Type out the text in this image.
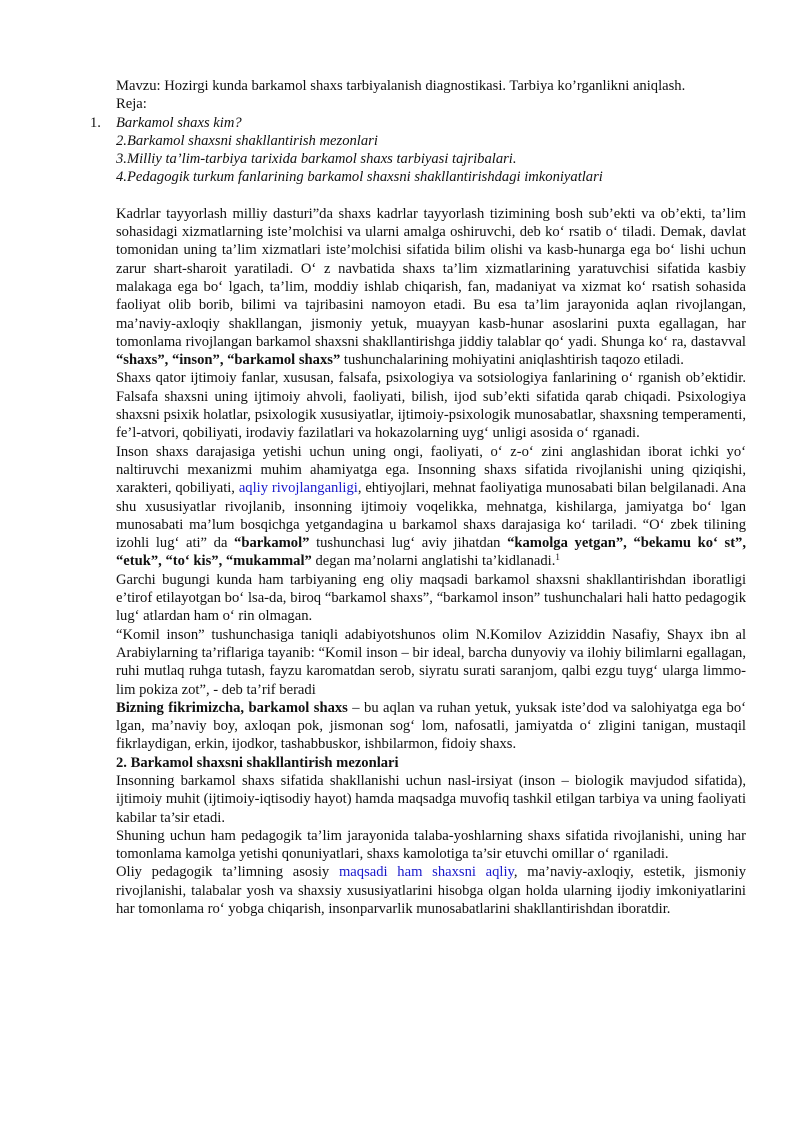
Mavzu: Hozirgi kunda barkamol shaxs tarbiyalanish diagnostikasi. Tarbiya ko’rganlikni aniqlash.

Reja:
1. Barkamol shaxs kim?
2.Barkamol shaxsni shakllantirish mezonlari
3.Milliy ta’lim-tarbiya tarixida barkamol shaxs tarbiyasi tajribalari.
4.Pedagogik turkum fanlarining barkamol shaxsni shakllantirishdagi imkoniyatlari

Kadrlar tayyorlash milliy dasturi”da shaxs kadrlar tayyorlash tizimining bosh sub’ekti va ob’ekti, ta’lim sohasidagi xizmatlarning iste’molchisi va ularni amalga oshiruvchi, deb ko‘ rsatib o‘ tiladi. Demak, davlat tomonidan uning ta’lim xizmatlari iste’molchisi sifatida bilim olishi va kasb-hunarga ega bo‘ lishi uchun zarur shart-sharoit yaratiladi. O‘ z navbatida shaxs ta’lim xizmatlarining yaratuvchisi sifatida kasbiy malakaga ega bo‘ lgach, ta’lim, moddiy ishlab chiqarish, fan, madaniyat va xizmat ko‘ rsatish sohasida faoliyat olib borib, bilimi va tajribasini namoyon etadi. Bu esa ta’lim jarayonida aqlan rivojlangan, ma’naviy-axloqiy shakllangan, jismoniy yetuk, muayyan kasb-hunar asoslarini puxta egallagan, har tomonlama rivojlangan barkamol shaxsni shakllantirishga jiddiy talablar qo‘ yadi. Shunga ko‘ ra, dastavval “shaxs”, “inson”, “barkamol shaxs” tushunchalarining mohiyatini aniqlashtirish taqozo etiladi.

Shaxs qator ijtimoiy fanlar, xususan, falsafa, psixologiya va sotsiologiya fanlarining o‘ rganish ob’ektidir. Falsafa shaxsni uning ijtimoiy ahvoli, faoliyati, bilish, ijod sub’ekti sifatida qarab chiqadi. Psixologiya shaxsni psixik holatlar, psixologik xususiyatlar, ijtimoiy-psixologik munosabatlar, shaxsning temperamenti, fe’l-atvori, qobiliyati, irodaviy fazilatlari va hokazolarning uyg‘ unligi asosida o‘ rganadi.

Inson shaxs darajasiga yetishi uchun uning ongi, faoliyati, o‘ z-o‘ zini anglashidan iborat ichki yo‘ naltiruvchi mexanizmi muhim ahamiyatga ega. Insonning shaxs sifatida rivojlanishi uning qiziqishi, xarakteri, qobiliyati, aqliy rivojlanganligi, ehtiyojlari, mehnat faoliyatiga munosabati bilan belgilanadi. Ana shu xususiyatlar rivojlanib, insonning ijtimoiy voqelikka, mehnatga, kishilarga, jamiyatga bo‘ lgan munosabati ma’lum bosqichga yetgandagina u barkamol shaxs darajasiga ko‘ tariladi. “O‘ zbek tilining izohli lug‘ ati” da “barkamol” tushunchasi lug‘ aviy jihatdan “kamolga yetgan”, “bekamu ko‘ st”, “etuk”, “to‘ kis”, “mukammal” degan ma’nolarni anglatishi ta’kidlanadi.$^1$

Garchi bugungi kunda ham tarbiyaning eng oliy maqsadi barkamol shaxsni shakllantirishdan iboratligi e’tirof etilayotgan bo‘ lsa-da, biroq “barkamol shaxs”, “barkamol inson” tushunchalari hali hatto pedagogik lug‘ atlardan ham o‘ rin olmagan.

“Komil inson” tushunchasiga taniqli adabiyotshunos olim N.Komilov Aziziddin Nasafiy, Shayx ibn al Arabiylarning ta’riflariga tayanib: “Komil inson – bir ideal, barcha dunyoviy va ilohiy bilimlarni egallagan, ruhi mutlaq ruhga tutash, fayzu karomatdan serob, siyratu surati saranjom, qalbi ezgu tuyg‘ ularga limmo-lim pokiza zot”, - deb ta’rif beradi

Bizning fikrimizcha, barkamol shaxs – bu aqlan va ruhan yetuk, yuksak iste’dod va salohiyatga ega bo‘ lgan, ma’naviy boy, axloqan pok, jismonan sog‘ lom, nafosatli, jamiyatda o‘ zligini tanigan, mustaqil fikrlaydigan, erkin, ijodkor, tashabbuskor, ishbilarmon, fidoiy shaxs.

2. Barkamol shaxsni shakllantirish mezonlari

Insonning barkamol shaxs sifatida shakllanishi uchun nasl-irsiyat (inson – biologik mavjudod sifatida), ijtimoiy muhit (ijtimoiy-iqtisodiy hayot) hamda maqsadga muvofiq tashkil etilgan tarbiya va uning faoliyati kabilar ta’sir etadi.

Shuning uchun ham pedagogik ta’lim jarayonida talaba-yoshlarning shaxs sifatida rivojlanishi, uning har tomonlama kamolga yetishi qonuniyatlari, shaxs kamolotiga ta’sir etuvchi omillar o‘ rganiladi.

Oliy pedagogik ta’limning asosiy maqsadi ham shaxsni aqliy, ma’naviy-axloqiy, estetik, jismoniy rivojlanishi, talabalar yosh va shaxsiy xususiyatlarini hisobga olgan holda ularning ijodiy imkoniyatlarini har tomonlama ro‘ yobga chiqarish, insonparvarlik munosabatlarini shakllantirishdan iboratdir.
